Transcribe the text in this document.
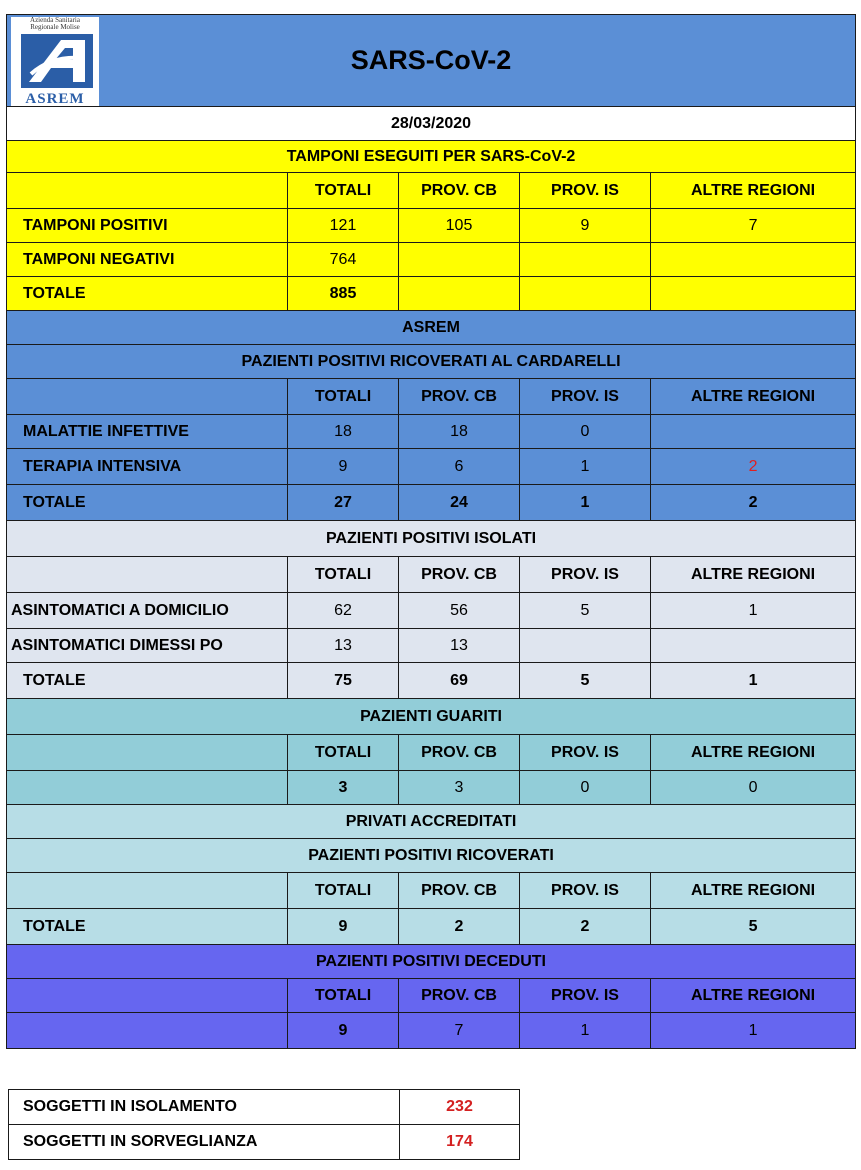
Azienda Sanitaria
Regionale Molise
ASREM
SARS-CoV-2				
28/03/2020				
TAMPONI ESEGUITI PER SARS-CoV-2				
	TOTALI	PROV. CB	PROV. IS	ALTRE REGIONI
TAMPONI POSITIVI	121	105	9	7
TAMPONI NEGATIVI	764			
TOTALE	885			
ASREM				
PAZIENTI POSITIVI RICOVERATI AL CARDARELLI				
	TOTALI	PROV. CB	PROV. IS	ALTRE REGIONI
MALATTIE INFETTIVE	18	18	0	
TERAPIA INTENSIVA	9	6	1	2
TOTALE	27	24	1	2
PAZIENTI POSITIVI ISOLATI				
	TOTALI	PROV. CB	PROV. IS	ALTRE REGIONI
ASINTOMATICI A DOMICILIO	62	56	5	1
ASINTOMATICI DIMESSI PO	13	13		
TOTALE	75	69	5	1
PAZIENTI GUARITI				
	TOTALI	PROV. CB	PROV. IS	ALTRE REGIONI
	3	3	0	0
PRIVATI ACCREDITATI				
PAZIENTI POSITIVI RICOVERATI				
	TOTALI	PROV. CB	PROV. IS	ALTRE REGIONI
TOTALE	9	2	2	5
PAZIENTI POSITIVI DECEDUTI				
	TOTALI	PROV. CB	PROV. IS	ALTRE REGIONI
	9	7	1	1
SOGGETTI IN ISOLAMENTO	232
SOGGETTI IN SORVEGLIANZA	174
